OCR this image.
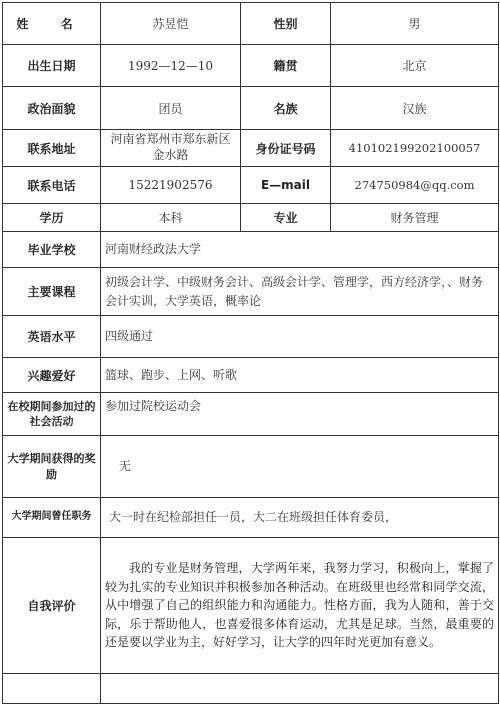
姓 名	苏昱恺	性别	男
出生日期	1992—12—10	籍贯	北京
政治面貌	团员	名族	汉族
联系地址	河南省郑州市郑东新区金水路	身份证号码	410102199202100057
联系电话	15221902576	E—mail	274750984@qq.com
学历	本科	专业	财务管理
毕业学校	河南财经政法大学		
主要课程	初级会计学、中级财务会计、高级会计学、管理学，西方经济学，、财务会计实训，大学英语，概率论		
英语水平	四级通过		
兴趣爱好	篮球、跑步、上网、听歌		
在校期间参加过的社会活动	参加过院校运动会		
大学期间获得的奖励	无		
大学期间曾任职务	大一时在纪检部担任一员，大二在班级担任体育委员，		
自我评价	我的专业是财务管理，大学两年来，我努力学习，积极向上，掌握了较为扎实的专业知识并积极参加各种活动。在班级里也经常和同学交流，从中增强了自己的组织能力和沟通能力。性格方面，我为人随和，善于交际，乐于帮助他人，也喜爱很多体育运动，尤其是足球。当然，最重要的还是要以学业为主，好好学习，让大学的四年时光更加有意义。		
